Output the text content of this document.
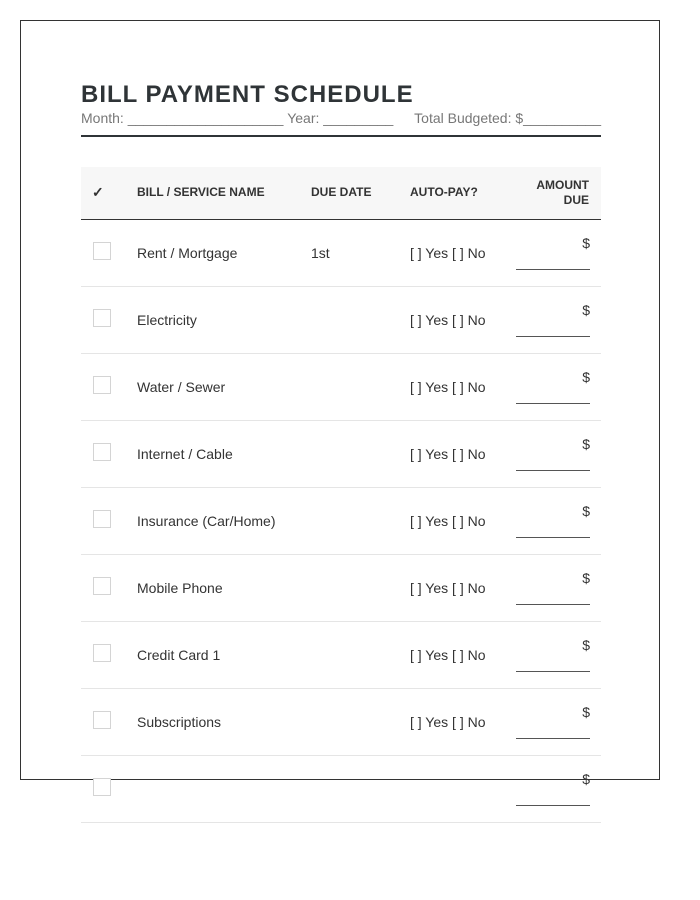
BILL PAYMENT SCHEDULE
Month: ____________________ Year: _________ Total Budgeted: $__________
✓	BILL / SERVICE NAME	DUE DATE	AUTO-PAY?	AMOUNT
DUE
	Rent / Mortgage	1st	[ ] Yes [ ] No	$

	Electricity		[ ] Yes [ ] No	$

	Water / Sewer		[ ] Yes [ ] No	$

	Internet / Cable		[ ] Yes [ ] No	$

	Insurance (Car/Home)		[ ] Yes [ ] No	$

	Mobile Phone		[ ] Yes [ ] No	$

	Credit Card 1		[ ] Yes [ ] No	$

	Subscriptions		[ ] Yes [ ] No	$

				$
